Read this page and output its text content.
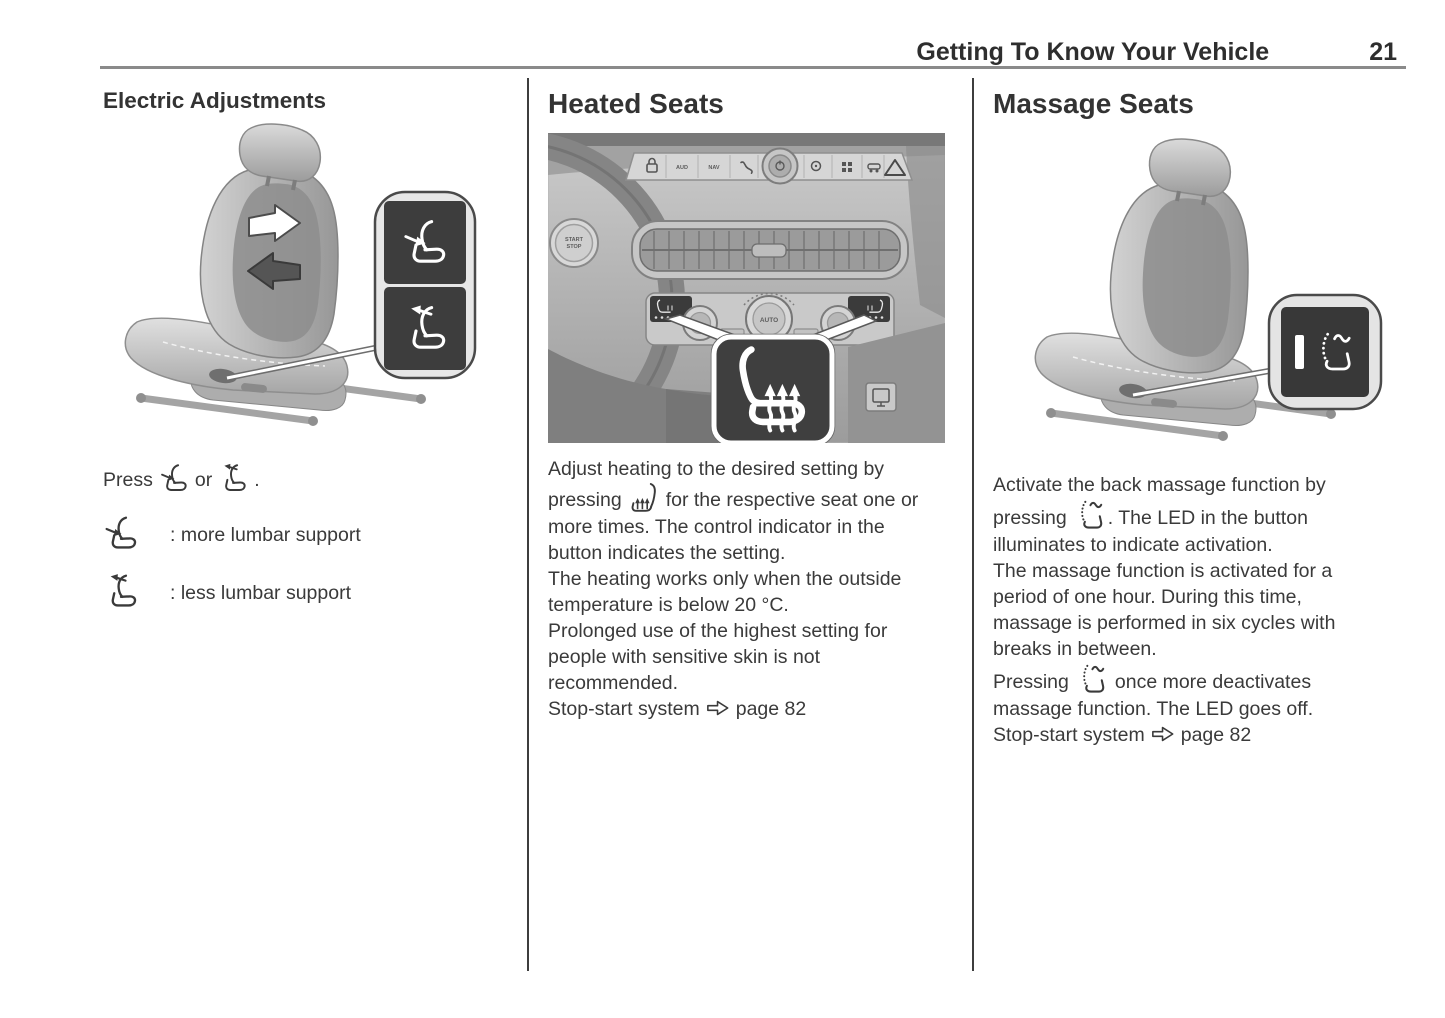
Getting To Know Your Vehicle	21
Electric Adjustments
Press or .
: more lumbar support
: less lumbar support
Heated Seats
START
STOP
AUD	NAV
AUTO

Adjust heating to the desired setting by pressing for the respective seat one or more times. The control indicator in the button indicates the setting.

The heating works only when the outside temperature is below 20 °C.

Prolonged use of the highest setting for people with sensitive skin is not recommended.

Stop-start system page 82

Massage Seats

Activate the back massage function by pressing . The LED in the button illuminates to indicate activation.

The massage function is activated for a period of one hour. During this time, massage is performed in six cycles with breaks in between.

Pressing once more deactivates massage function. The LED goes off.

Stop-start system page 82
